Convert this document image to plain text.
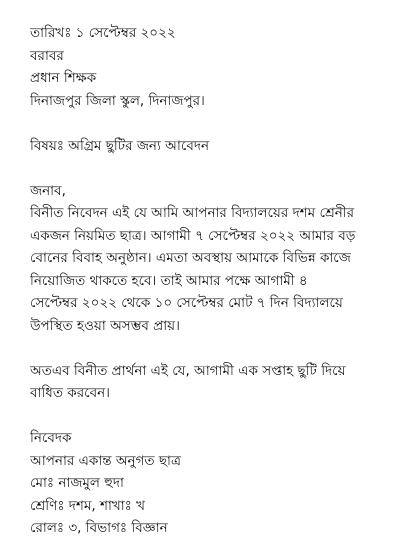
তারিখঃ ১ সেপ্টেম্বর ২০২২
বরাবর
প্রধান শিক্ষক
দিনাজপুর জিলা স্কুল, দিনাজপুর।
বিষয়ঃ অগ্রিম ছুটির জন্য আবেদন
জনাব,
বিনীত নিবেদন এই যে আমি আপনার বিদ্যালয়ের দশম শ্রেনীর
একজন নিয়মিত ছাত্র। আগামী ৭ সেপ্টেম্বর ২০২২ আমার বড়
বোনের বিবাহ অনুষ্ঠান। এমতা অবস্থায় আমাকে বিভিন্ন কাজে
নিয়োজিত থাকতে হবে। তাই আমার পক্ষে আগামী ৪
সেপ্টেম্বর ২০২২ থেকে ১০ সেপ্টেম্বর মোট ৭ দিন বিদ্যালয়ে
উপস্থিত হওয়া অসম্ভব প্রায়।
অতএব বিনীত প্রার্থনা এই যে, আগামী এক সপ্তাহ ছুটি দিয়ে
বাধিত করবেন।
নিবেদক
আপনার একান্ত অনুগত ছাত্র
মোঃ নাজমুল হুদা
শ্রেণিঃ দশম, শাখাঃ খ
রোলঃ ৩, বিভাগঃ বিজ্ঞান
